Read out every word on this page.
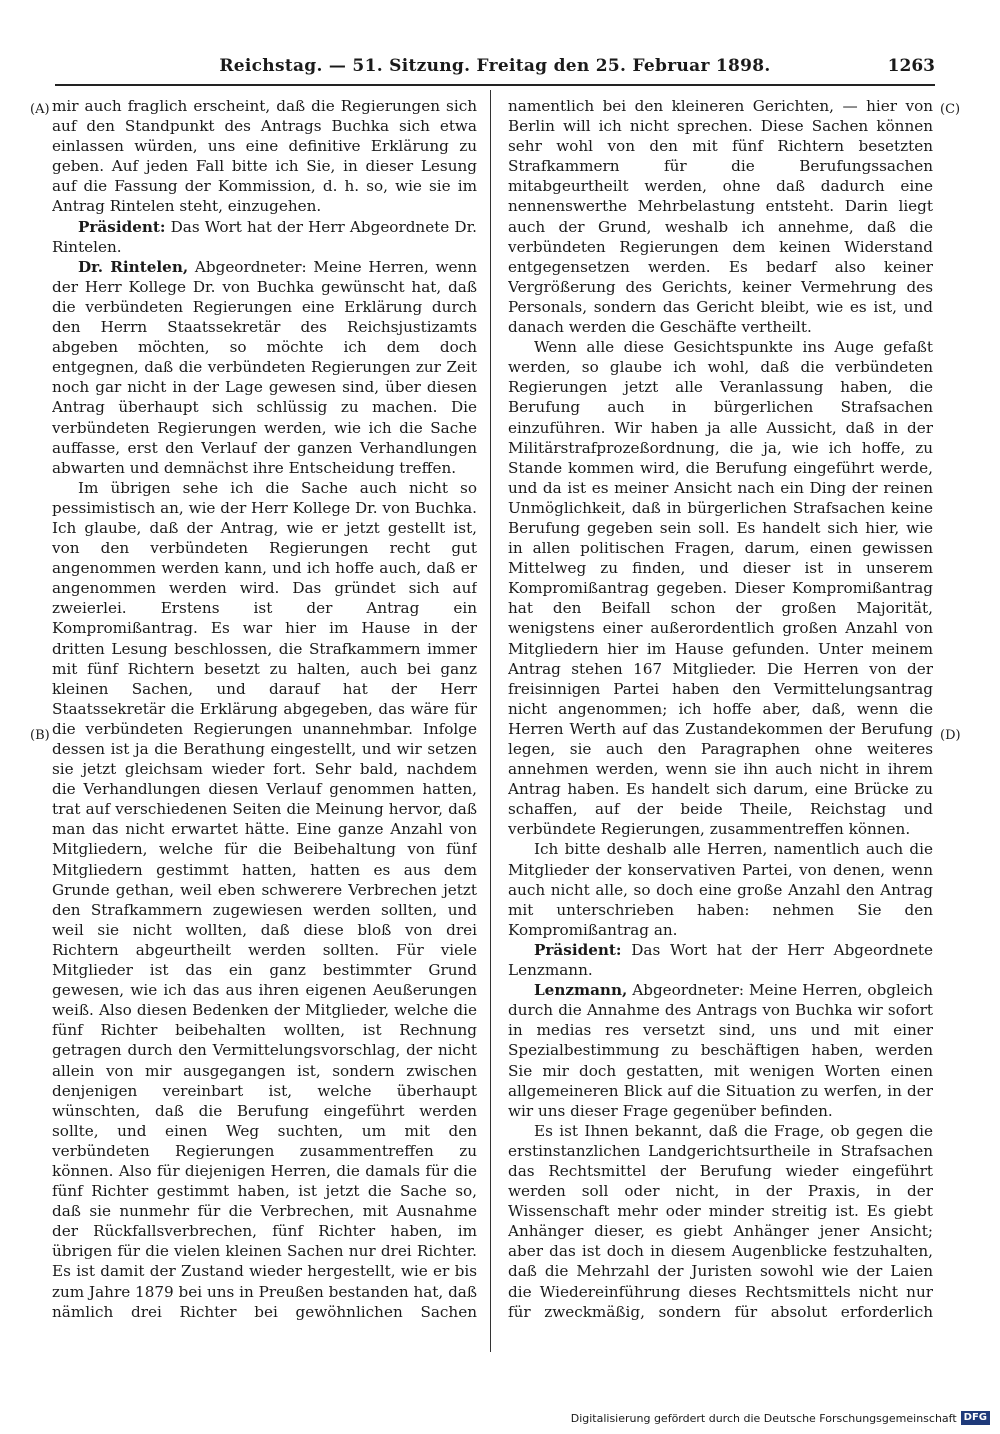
Reichstag. — 51. Sitzung. Freitag den 25. Februar 1898.	1263
(A)
(B)
(C)
(D)

mir auch fraglich erscheint, daß die Regierungen sich auf den Standpunkt des Antrags Buchka sich etwa einlassen würden, uns eine definitive Erklärung zu geben. Auf jeden Fall bitte ich Sie, in dieser Lesung auf die Fassung der Kommission, d. h. so, wie sie im Antrag Rintelen steht, einzugehen.

Präsident: Das Wort hat der Herr Abgeordnete Dr. Rintelen.

Dr. Rintelen, Abgeordneter: Meine Herren, wenn der Herr Kollege Dr. von Buchka gewünscht hat, daß die verbündeten Regierungen eine Erklärung durch den Herrn Staatssekretär des Reichsjustizamts abgeben möchten, so möchte ich dem doch entgegnen, daß die verbündeten Regierungen zur Zeit noch gar nicht in der Lage gewesen sind, über diesen Antrag überhaupt sich schlüssig zu machen. Die verbündeten Regierungen werden, wie ich die Sache auffasse, erst den Verlauf der ganzen Verhandlungen abwarten und demnächst ihre Entscheidung treffen.

Im übrigen sehe ich die Sache auch nicht so pessimistisch an, wie der Herr Kollege Dr. von Buchka. Ich glaube, daß der Antrag, wie er jetzt gestellt ist, von den verbündeten Regierungen recht gut angenommen werden kann, und ich hoffe auch, daß er angenommen werden wird. Das gründet sich auf zweierlei. Erstens ist der Antrag ein Kompromißantrag. Es war hier im Hause in der dritten Lesung beschlossen, die Strafkammern immer mit fünf Richtern besetzt zu halten, auch bei ganz kleinen Sachen, und darauf hat der Herr Staatssekretär die Erklärung abgegeben, das wäre für die verbündeten Regierungen unannehmbar. Infolge dessen ist ja die Berathung eingestellt, und wir setzen sie jetzt gleichsam wieder fort. Sehr bald, nachdem die Verhandlungen diesen Verlauf genommen hatten, trat auf verschiedenen Seiten die Meinung hervor, daß man das nicht erwartet hätte. Eine ganze Anzahl von Mitgliedern, welche für die Beibehaltung von fünf Mitgliedern gestimmt hatten, hatten es aus dem Grunde gethan, weil eben schwerere Verbrechen jetzt den Strafkammern zugewiesen werden sollten, und weil sie nicht wollten, daß diese bloß von drei Richtern abgeurtheilt werden sollten. Für viele Mitglieder ist das ein ganz bestimmter Grund gewesen, wie ich das aus ihren eigenen Aeußerungen weiß. Also diesen Bedenken der Mitglieder, welche die fünf Richter beibehalten wollten, ist Rechnung getragen durch den Vermittelungsvorschlag, der nicht allein von mir ausgegangen ist, sondern zwischen denjenigen vereinbart ist, welche überhaupt wünschten, daß die Berufung eingeführt werden sollte, und einen Weg suchten, um mit den verbündeten Regierungen zusammentreffen zu können. Also für diejenigen Herren, die damals für die fünf Richter gestimmt haben, ist jetzt die Sache so, daß sie nunmehr für die Verbrechen, mit Ausnahme der Rückfallsverbrechen, fünf Richter haben, im übrigen für die vielen kleinen Sachen nur drei Richter. Es ist damit der Zustand wieder hergestellt, wie er bis zum Jahre 1879 bei uns in Preußen bestanden hat, daß nämlich drei Richter bei gewöhnlichen Sachen

namentlich bei den kleineren Gerichten, — hier von Berlin will ich nicht sprechen. Diese Sachen können sehr wohl von den mit fünf Richtern besetzten Strafkammern für die Berufungssachen mitabgeurtheilt werden, ohne daß dadurch eine nennenswerthe Mehrbelastung entsteht. Darin liegt auch der Grund, weshalb ich annehme, daß die verbündeten Regierungen dem keinen Widerstand entgegensetzen werden. Es bedarf also keiner Vergrößerung des Gerichts, keiner Vermehrung des Personals, sondern das Gericht bleibt, wie es ist, und danach werden die Geschäfte vertheilt.

Wenn alle diese Gesichtspunkte ins Auge gefaßt werden, so glaube ich wohl, daß die verbündeten Regierungen jetzt alle Veranlassung haben, die Berufung auch in bürgerlichen Strafsachen einzuführen. Wir haben ja alle Aussicht, daß in der Militärstrafprozeßordnung, die ja, wie ich hoffe, zu Stande kommen wird, die Berufung eingeführt werde, und da ist es meiner Ansicht nach ein Ding der reinen Unmöglichkeit, daß in bürgerlichen Strafsachen keine Berufung gegeben sein soll. Es handelt sich hier, wie in allen politischen Fragen, darum, einen gewissen Mittelweg zu finden, und dieser ist in unserem Kompromißantrag gegeben. Dieser Kompromißantrag hat den Beifall schon der großen Majorität, wenigstens einer außerordentlich großen Anzahl von Mitgliedern hier im Hause gefunden. Unter meinem Antrag stehen 167 Mitglieder. Die Herren von der freisinnigen Partei haben den Vermittelungsantrag nicht angenommen; ich hoffe aber, daß, wenn die Herren Werth auf das Zustandekommen der Berufung legen, sie auch den Paragraphen ohne weiteres annehmen werden, wenn sie ihn auch nicht in ihrem Antrag haben. Es handelt sich darum, eine Brücke zu schaffen, auf der beide Theile, Reichstag und verbündete Regierungen, zusammentreffen können.

Ich bitte deshalb alle Herren, namentlich auch die Mitglieder der konservativen Partei, von denen, wenn auch nicht alle, so doch eine große Anzahl den Antrag mit unterschrieben haben: nehmen Sie den Kompromißantrag an.

Präsident: Das Wort hat der Herr Abgeordnete Lenzmann.

Lenzmann, Abgeordneter: Meine Herren, obgleich durch die Annahme des Antrags von Buchka wir sofort in medias res versetzt sind, uns und mit einer Spezialbestimmung zu beschäftigen haben, werden Sie mir doch gestatten, mit wenigen Worten einen allgemeineren Blick auf die Situation zu werfen, in der wir uns dieser Frage gegenüber befinden.

Es ist Ihnen bekannt, daß die Frage, ob gegen die erstinstanzlichen Landgerichtsurtheile in Strafsachen das Rechtsmittel der Berufung wieder eingeführt werden soll oder nicht, in der Praxis, in der Wissenschaft mehr oder minder streitig ist. Es giebt Anhänger dieser, es giebt Anhänger jener Ansicht; aber das ist doch in diesem Augenblicke festzuhalten, daß die Mehrzahl der Juristen sowohl wie der Laien die Wiedereinführung dieses Rechtsmittels nicht nur für zweckmäßig, sondern für absolut erforderlich

Digitalisierung gefördert durch die Deutsche Forschungsgemeinschaft DFG
